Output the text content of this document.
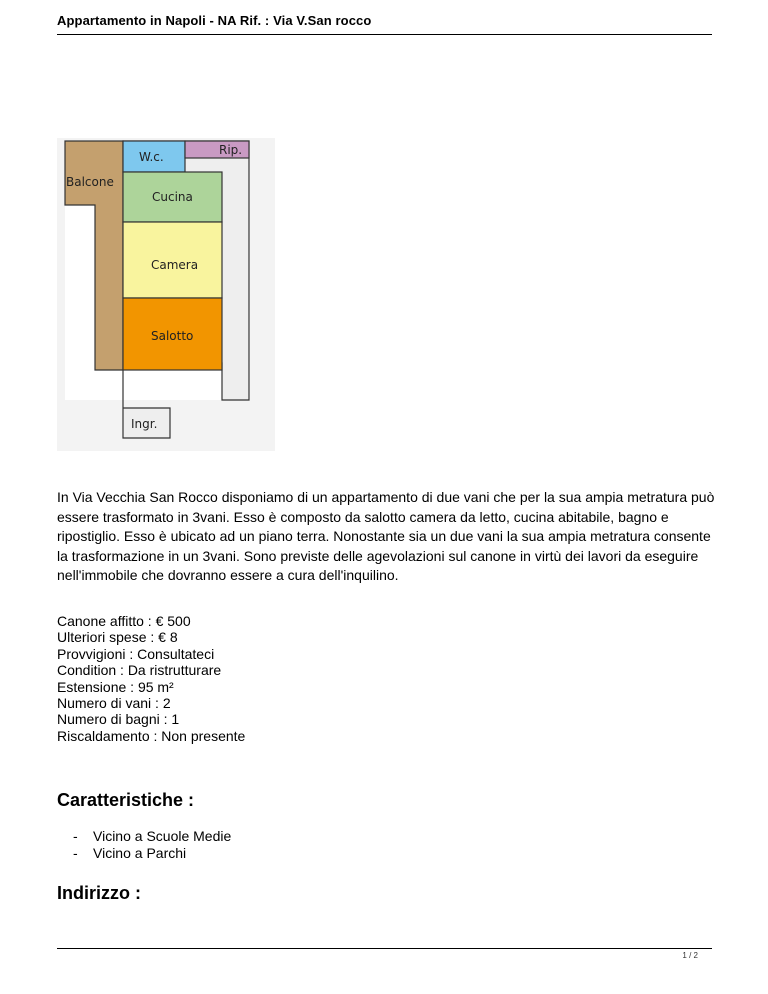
Appartamento in Napoli - NA Rif. : Via V.San rocco
W.c.	Rip.
Balcone
Cucina
Camera
Salotto
Ingr.
In Via Vecchia San Rocco disponiamo di un appartamento di due vani che per la sua ampia metratura può essere trasformato in 3vani. Esso è composto da salotto camera da letto, cucina abitabile, bagno e ripostiglio. Esso è ubicato ad un piano terra. Nonostante sia un due vani la sua ampia metratura consente la trasformazione in un 3vani. Sono previste delle agevolazioni sul canone in virtù dei lavori da eseguire nell'immobile che dovranno essere a cura dell'inquilino.
Canone affitto : € 500
Ulteriori spese : € 8
Provvigioni : Consultateci
Condition : Da ristrutturare
Estensione : 95 m²
Numero di vani : 2
Numero di bagni : 1
Riscaldamento : Non presente
Caratteristiche :
- Vicino a Scuole Medie
- Vicino a Parchi
Indirizzo :
1 / 2
